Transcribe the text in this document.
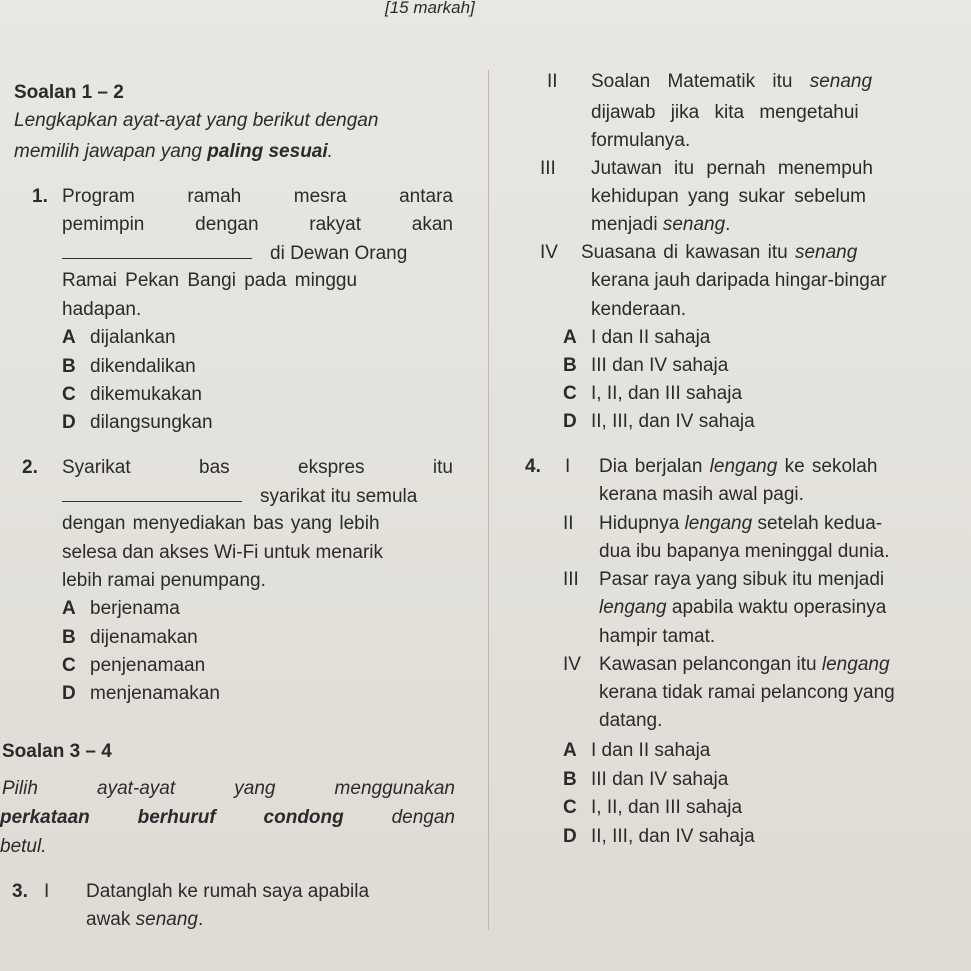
[15 markah]
Soalan 1 – 2
Lengkapkan ayat-ayat yang berikut dengan
memilih jawapan yang paling sesuai.
1. Program	ramah	mesra	antara
pemimpin	dengan	rakyat	akan
di Dewan Orang
Ramai Pekan Bangi pada minggu
hadapan.
A dijalankan
B dikendalikan
C dikemukakan
D dilangsungkan
2. Syarikat	bas	ekspres	itu
syarikat itu semula
dengan menyediakan bas yang lebih
selesa dan akses Wi-Fi untuk menarik
lebih ramai penumpang.
A berjenama
B dijenamakan
C penjenamaan
D menjenamakan
Soalan 3 – 4
Pilih	ayat-ayat	yang	menggunakan
perkataan	berhuruf	condong	dengan
betul.
3. I Datanglah ke rumah saya apabila
awak senang.
II Soalan Matematik itu senang
dijawab jika kita mengetahui
formulanya.
III Jutawan itu pernah menempuh
kehidupan yang sukar sebelum
menjadi senang.
IV Suasana di kawasan itu senang
kerana jauh daripada hingar-bingar
kenderaan.
A I dan II sahaja
B III dan IV sahaja
C I, II, dan III sahaja
D II, III, dan IV sahaja
4. I Dia berjalan lengang ke sekolah
kerana masih awal pagi.
II Hidupnya lengang setelah kedua-
dua ibu bapanya meninggal dunia.
III Pasar raya yang sibuk itu menjadi
lengang apabila waktu operasinya
hampir tamat.
IV Kawasan pelancongan itu lengang
kerana tidak ramai pelancong yang
datang.
A I dan II sahaja
B III dan IV sahaja
C I, II, dan III sahaja
D II, III, dan IV sahaja
